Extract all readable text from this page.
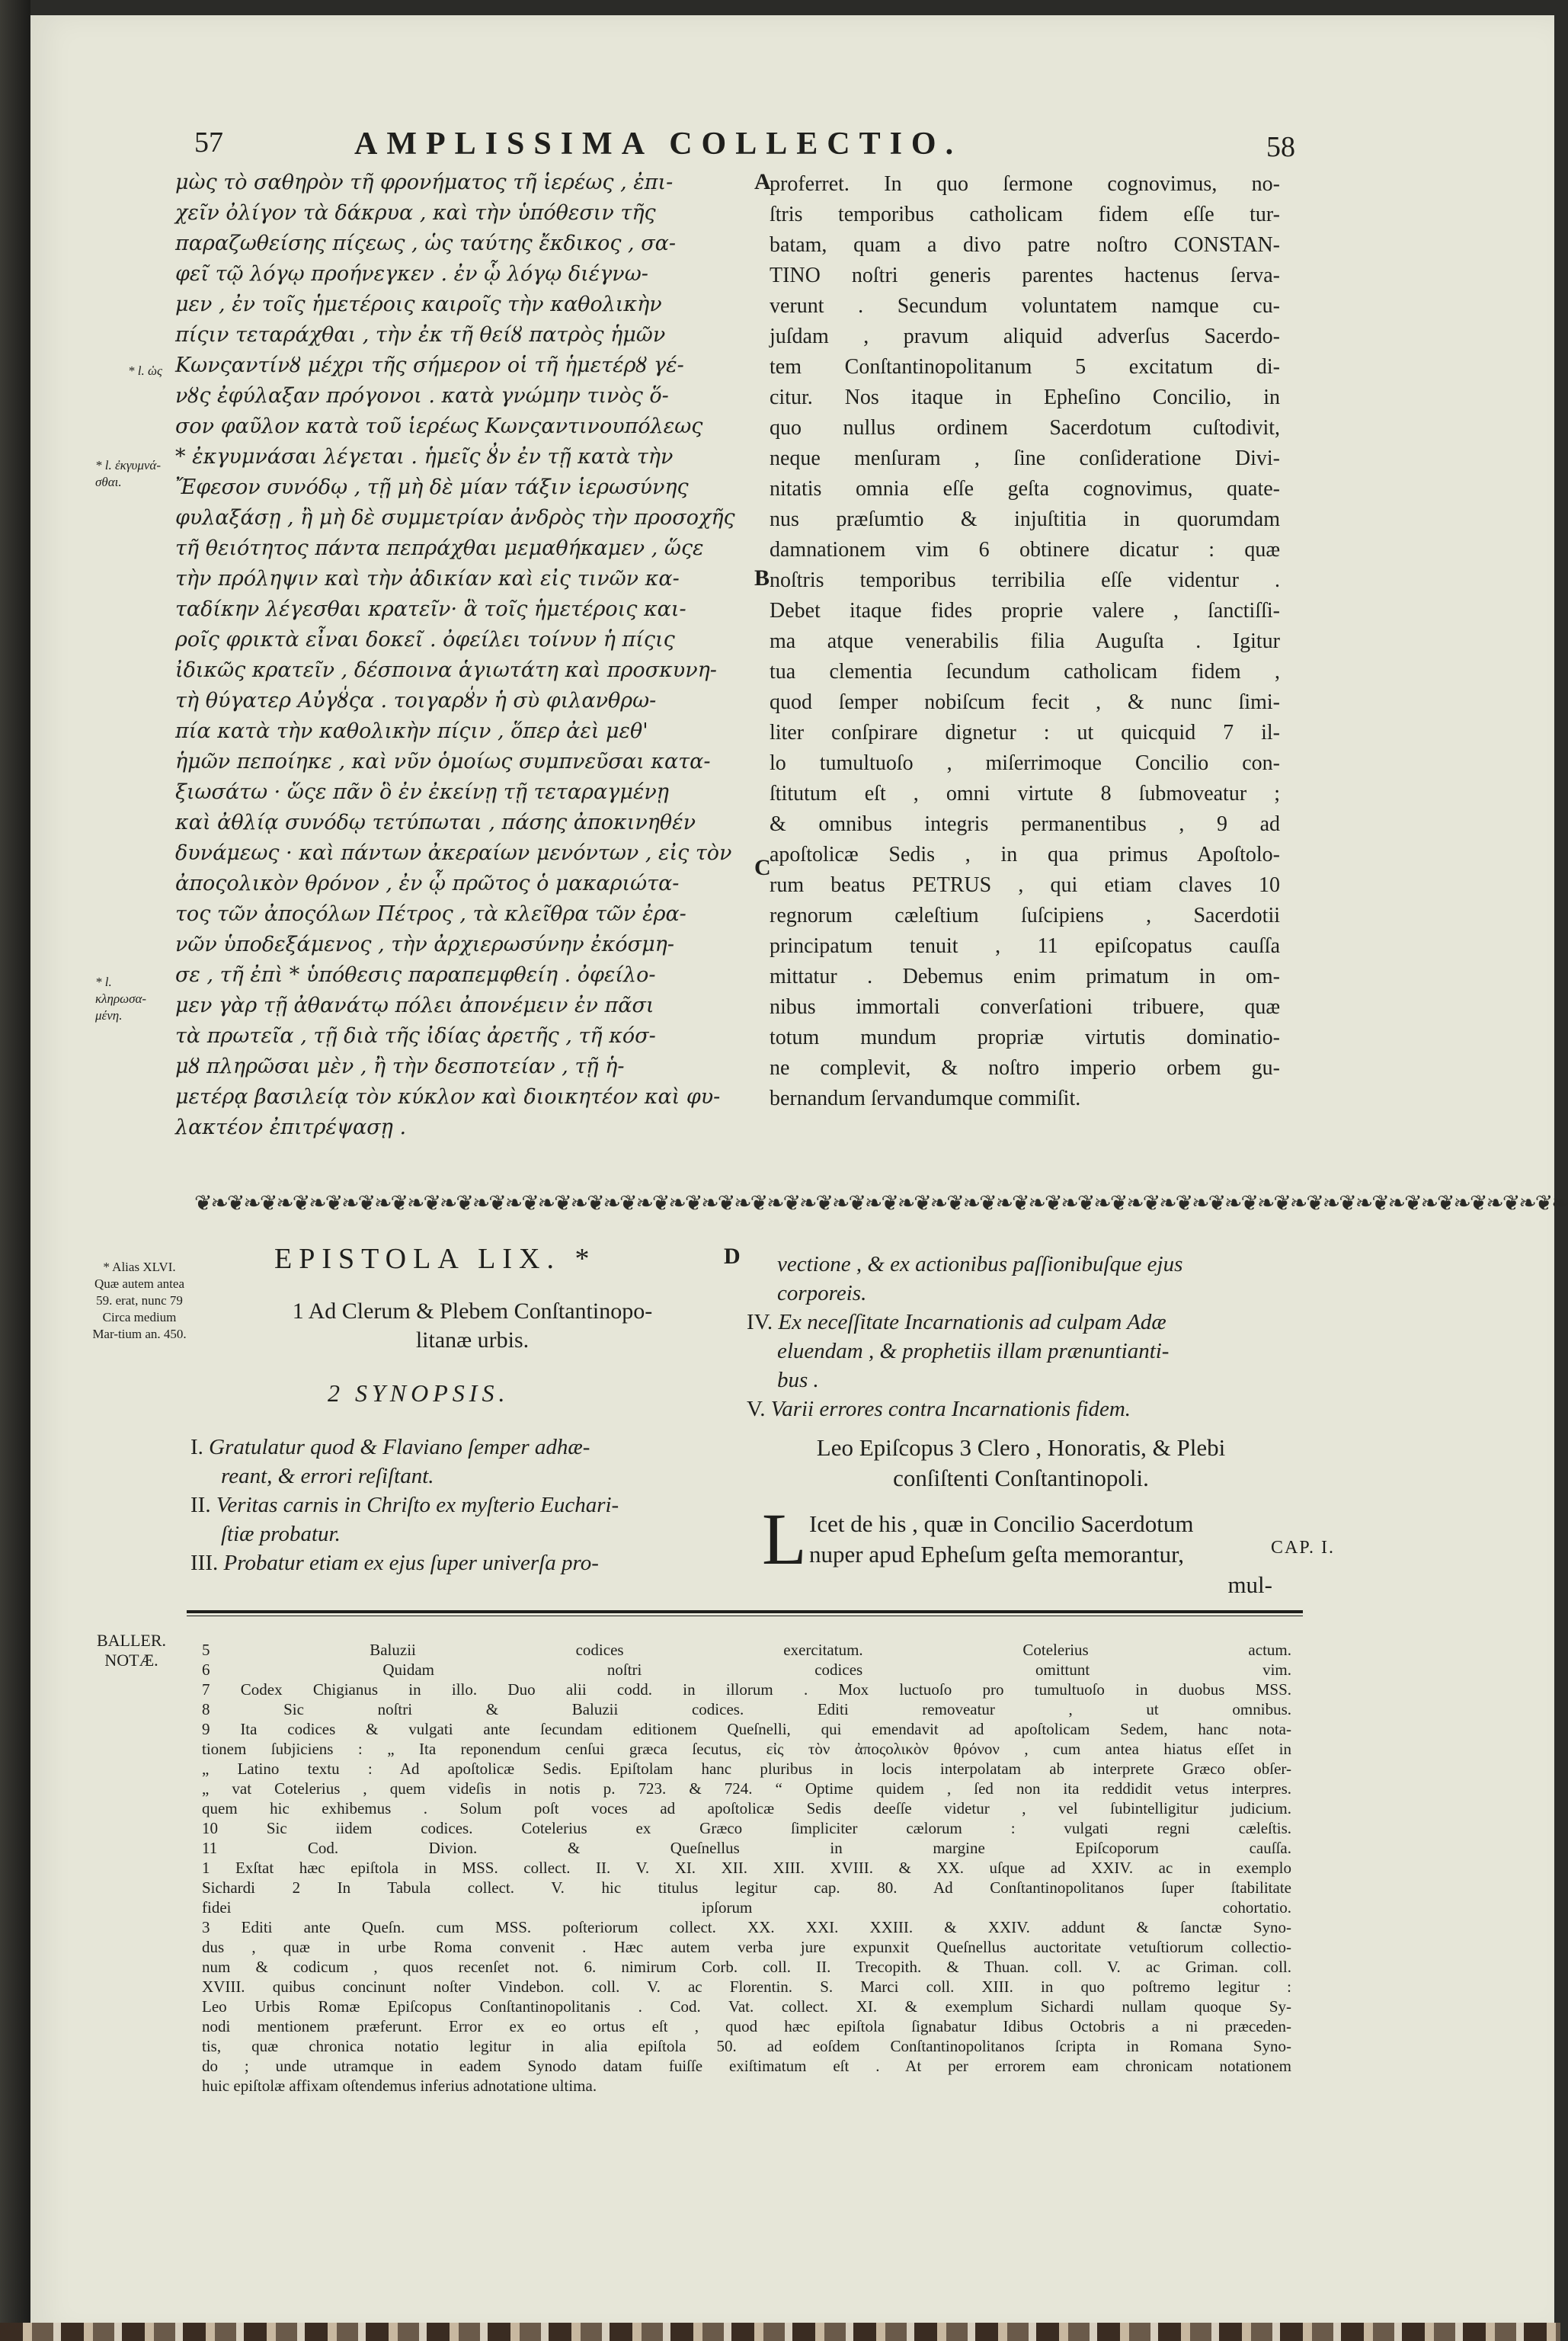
57	AMPLISSIMA COLLECTIO.	58
μὼς τὸ σαθηρὸν τῆ φρονήματος τῆ ἱερέως , ἐπι-
χεῖν ὀλίγον τὰ δάκρυα , καὶ τὴν ὑπόθεσιν τῆς
παραζωθείσης πίςεως , ὡς ταύτης ἔκδικος , σα-
φεῖ τῷ λόγῳ προήνεγκεν . ἐν ᾧ λόγῳ διέγνω-
μεν , ἐν τοῖς ἡμετέροις καιροῖς τὴν καθολικὴν
πίςιν τεταράχθαι , τὴν ἐκ τῆ θείȣ πατρὸς ἡμῶν
Κωνςαντίνȣ μέχρι τῆς σήμερον οἱ τῆ ἡμετέρȣ γέ-
νȣς ἐφύλαξαν πρόγονοι . κατὰ γνώμην τινὸς ὅ-
σον φαῦλον κατὰ τοῦ ἱερέως Κωνςαντινουπόλεως
* ἐκγυμνάσαι λέγεται . ἡμεῖς ȣ̓ν ἐν τῇ κατὰ τὴν
Ἔφεσον συνόδῳ , τῇ μὴ δὲ μίαν τάξιν ἱερωσύνης
φυλαξάσῃ , ἢ μὴ δὲ συμμετρίαν ἀνδρὸς τὴν προσοχῆς
τῆ θειότητος πάντα πεπράχθαι μεμαθήκαμεν , ὥςε
τὴν πρόληψιν καὶ τὴν ἀδικίαν καὶ εἰς τινῶν κα-
ταδίκην λέγεσθαι κρατεῖν· ἃ τοῖς ἡμετέροις και-
ροῖς φρικτὰ εἶναι δοκεῖ . ὀφείλει τοίνυν ἡ πίςις
ἰδικῶς κρατεῖν , δέσποινα ἁγιωτάτη καὶ προσκυνη-
τὴ θύγατερ Αὐγȣ̍ςα . τοιγαρȣ̍ν ἡ σὺ φιλανθρω-
πία κατὰ τὴν καθολικὴν πίςιν , ὅπερ ἀεὶ μεθ'
ἡμῶν πεποίηκε , καὶ νῦν ὁμοίως συμπνεῦσαι κατα-
ξιωσάτω · ὥςε πᾶν ὃ ἐν ἐκείνῃ τῇ τεταραγμένῃ
καὶ ἀθλίᾳ συνόδῳ τετύπωται , πάσης ἀποκινηθέν
δυνάμεως · καὶ πάντων ἀκεραίων μενόντων , εἰς τὸν
ἀποςολικὸν θρόνον , ἐν ᾧ πρῶτος ὁ μακαριώτα-
τος τῶν ἀποςόλων Πέτρος , τὰ κλεῖθρα τῶν ἐρα-
νῶν ὑποδεξάμενος , τὴν ἀρχιερωσύνην ἐκόσμη-
σε , τῆ ἐπὶ * ὑπόθεσις παραπεμφθείη . ὀφείλο-
μεν γὰρ τῇ ἀθανάτῳ πόλει ἀπονέμειν ἐν πᾶσι
τὰ πρωτεῖα , τῇ διὰ τῆς ἰδίας ἀρετῆς , τῆ κόσ-
μȣ πληρῶσαι μὲν , ἢ τὴν δεσποτείαν , τῇ ἡ-
μετέρᾳ βασιλείᾳ τὸν κύκλον καὶ διοικητέον καὶ φυ-
λακτέον ἐπιτρέψασῃ .
proferret. In quo ſermone cognovimus, no-
ſtris temporibus catholicam fidem eſſe tur-
batam, quam a divo patre noſtro CONSTAN-
TINO noſtri generis parentes hactenus ſerva-
verunt . Secundum voluntatem namque cu-
juſdam , pravum aliquid adverſus Sacerdo-
tem Conſtantinopolitanum 5 excitatum di-
citur. Nos itaque in Epheſino Concilio, in
quo nullus ordinem Sacerdotum cuſtodivit,
neque menſuram , ſine conſideratione Divi-
nitatis omnia eſſe geſta cognovimus, quate-
nus præſumtio & injuſtitia in quorumdam
damnationem vim 6 obtinere dicatur : quæ
noſtris temporibus terribilia eſſe videntur .
Debet itaque fides proprie valere , ſanctiſſi-
ma atque venerabilis filia Auguſta . Igitur
tua clementia ſecundum catholicam fidem ,
quod ſemper nobiſcum fecit , & nunc ſimi-
liter conſpirare dignetur : ut quicquid 7 il-
lo tumultuoſo , miſerrimoque Concilio con-
ſtitutum eſt , omni virtute 8 ſubmoveatur ;
& omnibus integris permanentibus , 9 ad
apoſtolicæ Sedis , in qua primus Apoſtolo-
rum beatus PETRUS , qui etiam claves 10
regnorum cæleſtium ſuſcipiens , Sacerdotii
principatum tenuit , 11 epiſcopatus cauſſa
mittatur . Debemus enim primatum in om-
nibus immortali converſationi tribuere, quæ
totum mundum propriæ virtutis dominatio-
ne complevit, & noſtro imperio orbem gu-
bernandum ſervandumque commiſit.
A
B
C
D
* l. ὡς
* l. ἐκγυμνά-σθαι.
* l. κληρωσα-μένη.
* Alias XLVI. Quæ autem antea 59. erat, nunc 79 Circa medium Mar-tium an. 450.
❦❧❦❧❦❧❦❧❦❧❦❧❦❧❦❧❦❧❦❧❦❧❦❧❦❧❦❧❦❧❦❧❦❧❦❧❦❧❦❧❦❧❦❧❦❧❦❧❦❧❦❧❦❧❦❧❦❧❦❧❦❧❦❧❦❧❦❧❦❧❦❧❦❧❦❧❦❧❦❧❦❧❦❧
EPISTOLA LIX. *
1 Ad Clerum & Plebem Conſtantinopo-
litanæ urbis.
2 SYNOPSIS.
I. Gratulatur quod & Flaviano ſemper adhæ-
reant, & errori reſiſtant.
II. Veritas carnis in Chriſto ex myſterio Euchari-
ſtiæ probatur.
III. Probatur etiam ex ejus ſuper univerſa pro-
vectione , & ex actionibus paſſionibuſque ejus
corporeis.
IV. Ex neceſſitate Incarnationis ad culpam Adæ
eluendam , & prophetiis illam prænuntianti-
bus .
V. Varii errores contra Incarnationis fidem.
Leo Epiſcopus 3 Clero , Honoratis, & Plebi
conſiſtenti Conſtantinopoli.
L Icet de his , quæ in Concilio Sacerdotum
nuper apud Epheſum geſta memorantur,
mul-
CAP. I.
BALLER. NOTÆ.
5 Baluzii codices exercitatum. Cotelerius actum.
6 Quidam noſtri codices omittunt vim.
7 Codex Chigianus in illo. Duo alii codd. in illorum . Mox luctuoſo pro tumultuoſo in duobus MSS.
8 Sic noſtri & Baluzii codices. Editi removeatur , ut omnibus.
9 Ita codices & vulgati ante ſecundam editionem Queſnelli, qui emendavit ad apoſtolicam Sedem, hanc nota-
tionem ſubjiciens : „ Ita reponendum cenſui græca ſecutus, εἰς τὸν ἀποςολικὸν θρόνον , cum antea hiatus eſſet in
„ Latino textu : Ad apoſtolicæ Sedis. Epiſtolam hanc pluribus in locis interpolatam ab interprete Græco obſer-
„ vat Cotelerius , quem videſis in notis p. 723. & 724. “ Optime quidem , ſed non ita reddidit vetus interpres.
quem hic exhibemus . Solum poſt voces ad apoſtolicæ Sedis deeſſe videtur , vel ſubintelligitur judicium.
10 Sic iidem codices. Cotelerius ex Græco ſimpliciter cælorum : vulgati regni cæleſtis.
11 Cod. Divion. & Queſnellus in margine Epiſcoporum cauſſa.
1 Exſtat hæc epiſtola in MSS. collect. II. V. XI. XII. XIII. XVIII. & XX. uſque ad XXIV. ac in exemplo
Sichardi 2 In Tabula collect. V. hic titulus legitur cap. 80. Ad Conſtantinopolitanos ſuper ſtabilitate
fidei ipſorum cohortatio.
3 Editi ante Queſn. cum MSS. poſteriorum collect. XX. XXI. XXIII. & XXIV. addunt & ſanctæ Syno-
dus , quæ in urbe Roma convenit . Hæc autem verba jure expunxit Queſnellus auctoritate vetuſtiorum collectio-
num & codicum , quos recenſet not. 6. nimirum Corb. coll. II. Trecopith. & Thuan. coll. V. ac Griman. coll.
XVIII. quibus concinunt noſter Vindebon. coll. V. ac Florentin. S. Marci coll. XIII. in quo poſtremo legitur :
Leo Urbis Romæ Epiſcopus Conſtantinopolitanis . Cod. Vat. collect. XI. & exemplum Sichardi nullam quoque Sy-
nodi mentionem præferunt. Error ex eo ortus eſt , quod hæc epiſtola ſignabatur Idibus Octobris a ni præceden-
tis, quæ chronica notatio legitur in alia epiſtola 50. ad eoſdem Conſtantinopolitanos ſcripta in Romana Syno-
do ; unde utramque in eadem Synodo datam fuiſſe exiſtimatum eſt . At per errorem eam chronicam notationem
huic epiſtolæ affixam oſtendemus inferius adnotatione ultima.
